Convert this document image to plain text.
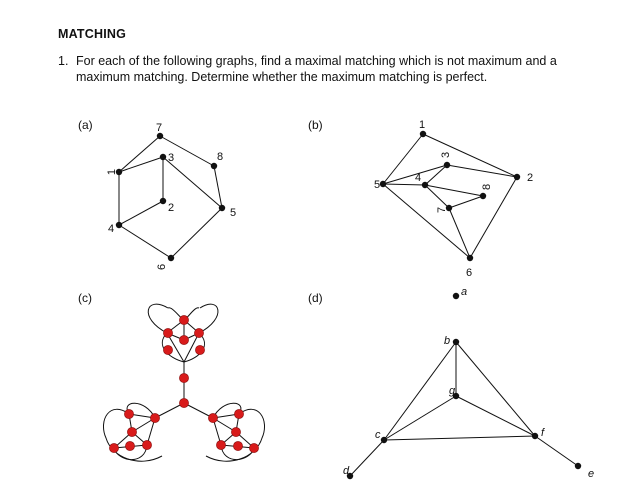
MATCHING
1. For each of the following graphs, find a maximal matching which is not maximum and a maximum matching. Determine whether the maximum matching is perfect.
(a)	(b)
(c)	(d)
1
2
3
4
5
6
7
8
1
2
3
4
5
6
7
8
a
b
c
d	e
f
g
